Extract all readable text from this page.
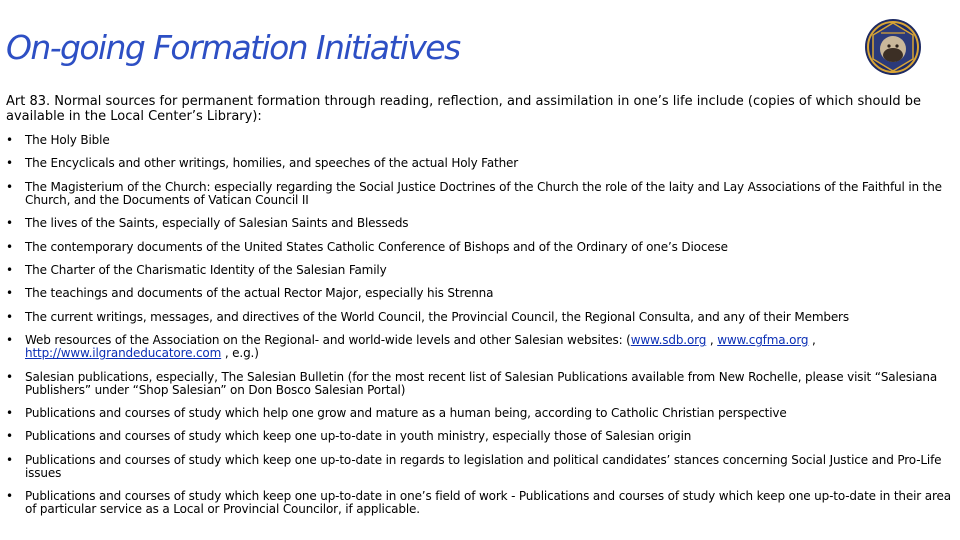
On-going Formation Initiatives
Art 83. Normal sources for permanent formation through reading, reflection, and assimilation in one’s life include (copies of which should be available in the Local Center’s Library):
• The Holy Bible
• The Encyclicals and other writings, homilies, and speeches of the actual Holy Father
• The Magisterium of the Church: especially regarding the Social Justice Doctrines of the Church the role of the laity and Lay Associations of the Faithful in the Church, and the Documents of Vatican Council II
• The lives of the Saints, especially of Salesian Saints and Blesseds
• The contemporary documents of the United States Catholic Conference of Bishops and of the Ordinary of one’s Diocese
• The Charter of the Charismatic Identity of the Salesian Family
• The teachings and documents of the actual Rector Major, especially his Strenna
• The current writings, messages, and directives of the World Council, the Provincial Council, the Regional Consulta, and any of their Members
• Web resources of the Association on the Regional- and world-wide levels and other Salesian websites: (www.sdb.org , www.cgfma.org , http://www.ilgrandeducatore.com , e.g.)
• Salesian publications, especially, The Salesian Bulletin (for the most recent list of Salesian Publications available from New Rochelle, please visit “Salesiana Publishers” under “Shop Salesian” on Don Bosco Salesian Portal)
• Publications and courses of study which help one grow and mature as a human being, according to Catholic Christian perspective
• Publications and courses of study which keep one up-to-date in youth ministry, especially those of Salesian origin
• Publications and courses of study which keep one up-to-date in regards to legislation and political candidates’ stances concerning Social Justice and Pro-Life issues
• Publications and courses of study which keep one up-to-date in one’s field of work - Publications and courses of study which keep one up-to-date in their area of particular service as a Local or Provincial Councilor, if applicable.
